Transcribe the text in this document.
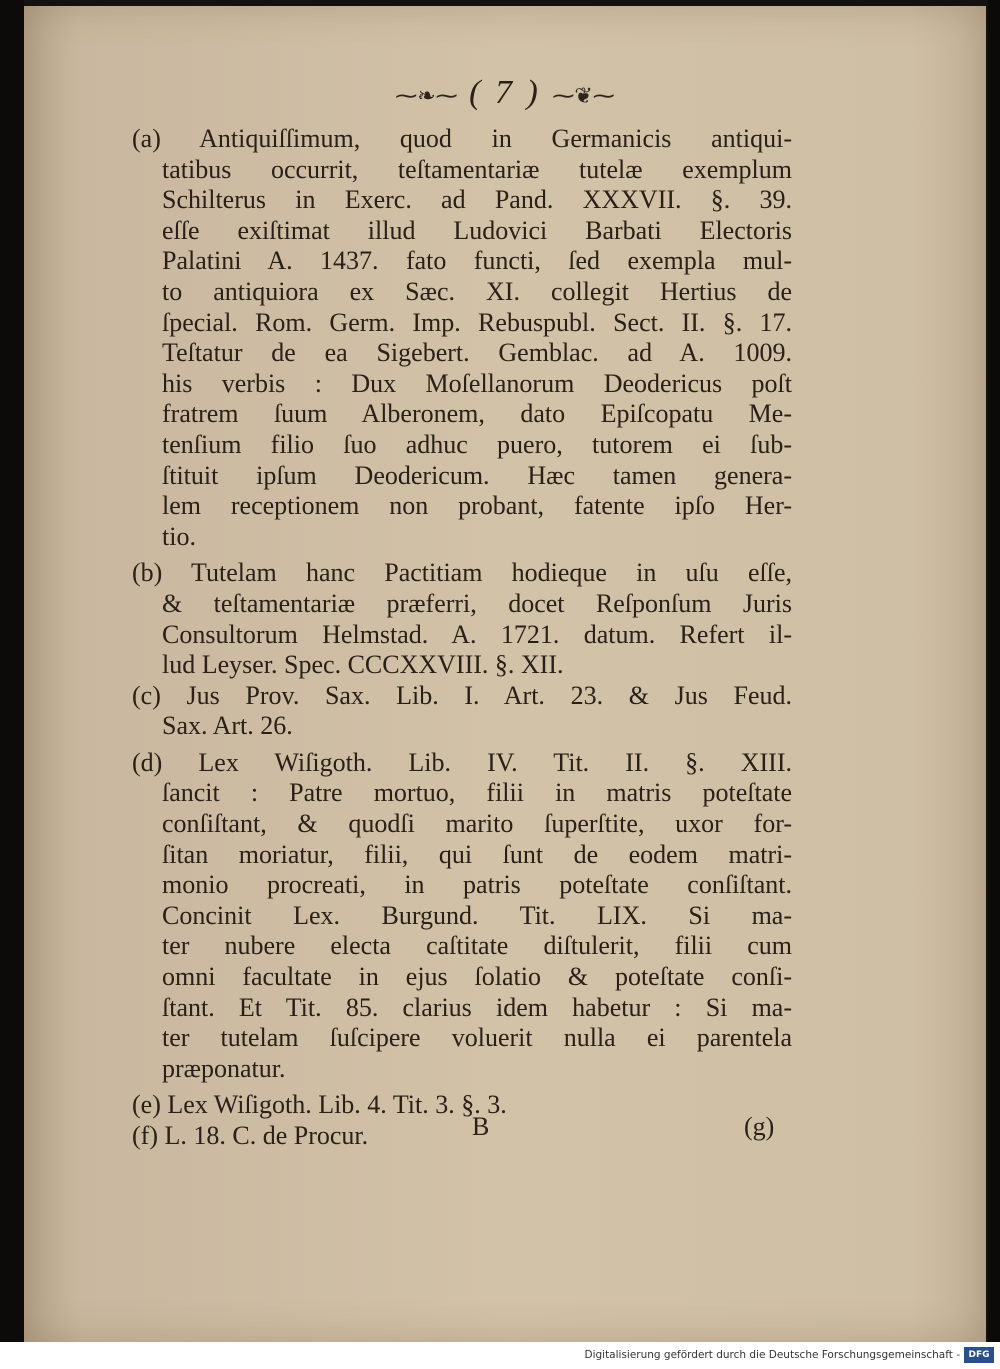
⁓❧⁓ ( 7 ) ⁓❦⁓
(a) Antiquiſſimum, quod in Germanicis antiqui-
tatibus occurrit, teſtamentariæ tutelæ exemplum
Schilterus in Exerc. ad Pand. XXXVII. §. 39.
eſſe exiſtimat illud Ludovici Barbati Electoris
Palatini A. 1437. fato functi, ſed exempla mul-
to antiquiora ex Sæc. XI. collegit Hertius de
ſpecial. Rom. Germ. Imp. Rebuspubl. Sect. II. §. 17.
Teſtatur de ea Sigebert. Gemblac. ad A. 1009.
his verbis : Dux Moſellanorum Deodericus poſt
fratrem ſuum Alberonem, dato Epiſcopatu Me-
tenſium filio ſuo adhuc puero, tutorem ei ſub-
ſtituit ipſum Deodericum. Hæc tamen genera-
lem receptionem non probant, fatente ipſo Her-
tio.
(b) Tutelam hanc Pactitiam hodieque in uſu eſſe,
& teſtamentariæ præferri, docet Reſponſum Juris
Consultorum Helmstad. A. 1721. datum. Refert il-
lud Leyser. Spec. CCCXXVIII. §. XII.
(c) Jus Prov. Sax. Lib. I. Art. 23. & Jus Feud.
Sax. Art. 26.
(d) Lex Wiſigoth. Lib. IV. Tit. II. §. XIII.
ſancit : Patre mortuo, filii in matris poteſtate
conſiſtant, & quodſi marito ſuperſtite, uxor for-
ſitan moriatur, filii, qui ſunt de eodem matri-
monio procreati, in patris poteſtate conſiſtant.
Concinit Lex. Burgund. Tit. LIX. Si ma-
ter nubere electa caſtitate diſtulerit, filii cum
omni facultate in ejus ſolatio & poteſtate conſi-
ſtant. Et Tit. 85. clarius idem habetur : Si ma-
ter tutelam ſuſcipere voluerit nulla ei parentela
præponatur.
(e) Lex Wiſigoth. Lib. 4. Tit. 3. §. 3.
(f) L. 18. C. de Procur.	B	(g)
Digitalisierung gefördert durch die Deutsche Forschungsgemeinschaft - DFG
